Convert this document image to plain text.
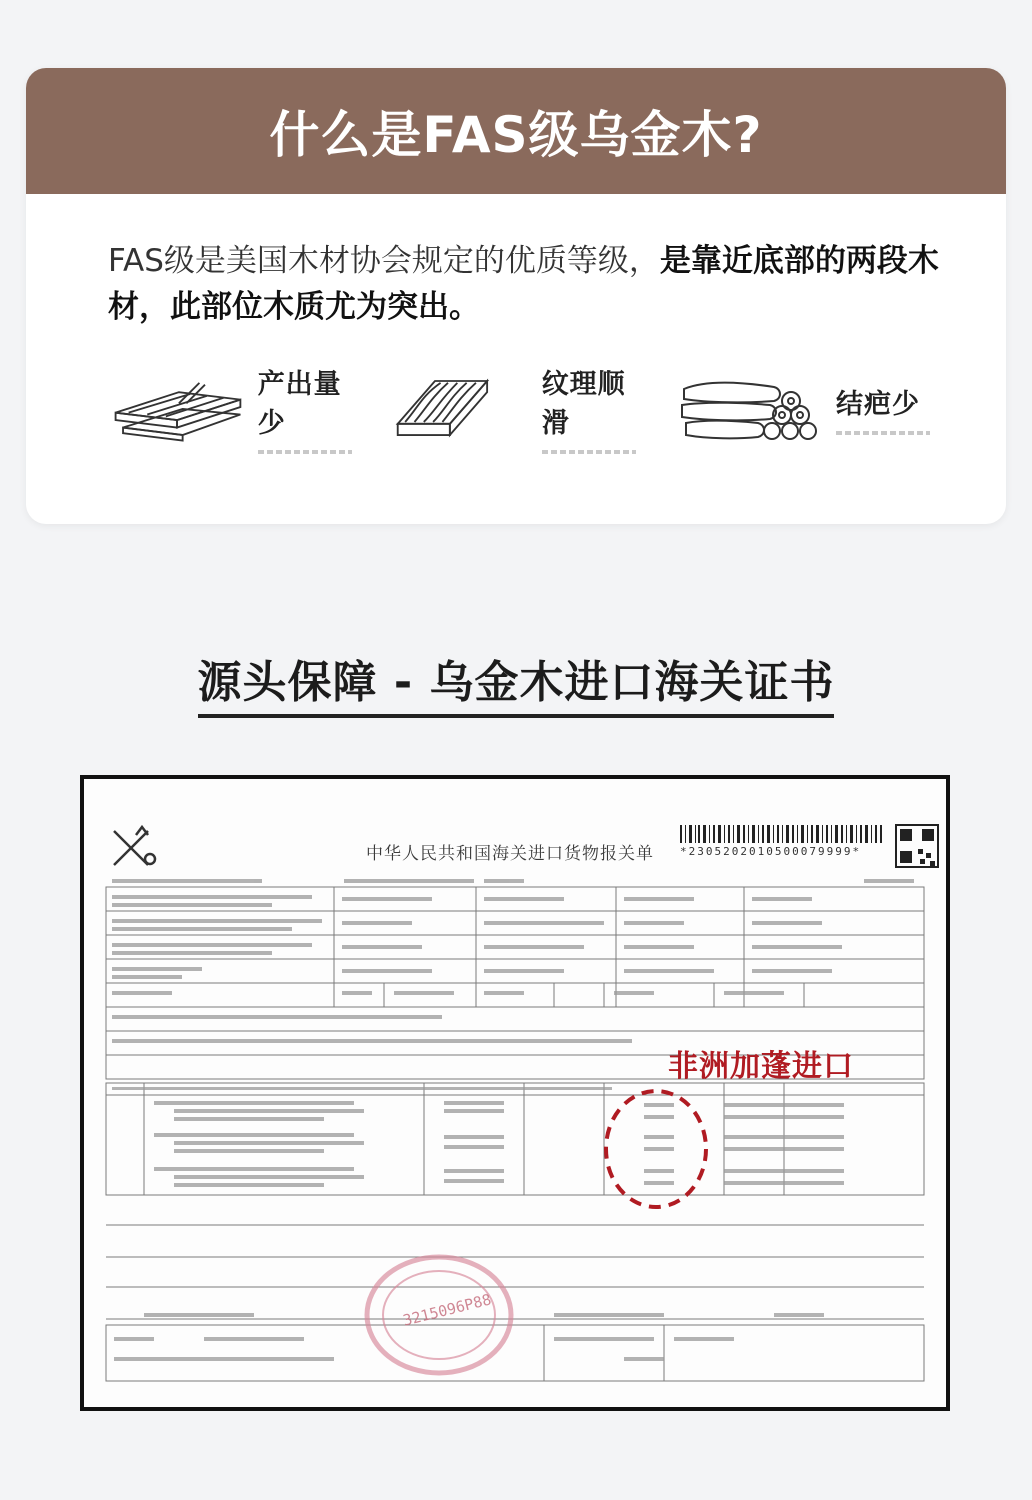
什么是FAS级乌金木?
FAS级是美国木材协会规定的优质等级，是靠近底部的两段木材，此部位木质尤为突出。
产出量少
纹理顺滑
结疤少
源头保障 - 乌金木进口海关证书
中华人民共和国海关进口货物报关单 *2305202010500079999*
非洲加蓬进口
3215096P88
